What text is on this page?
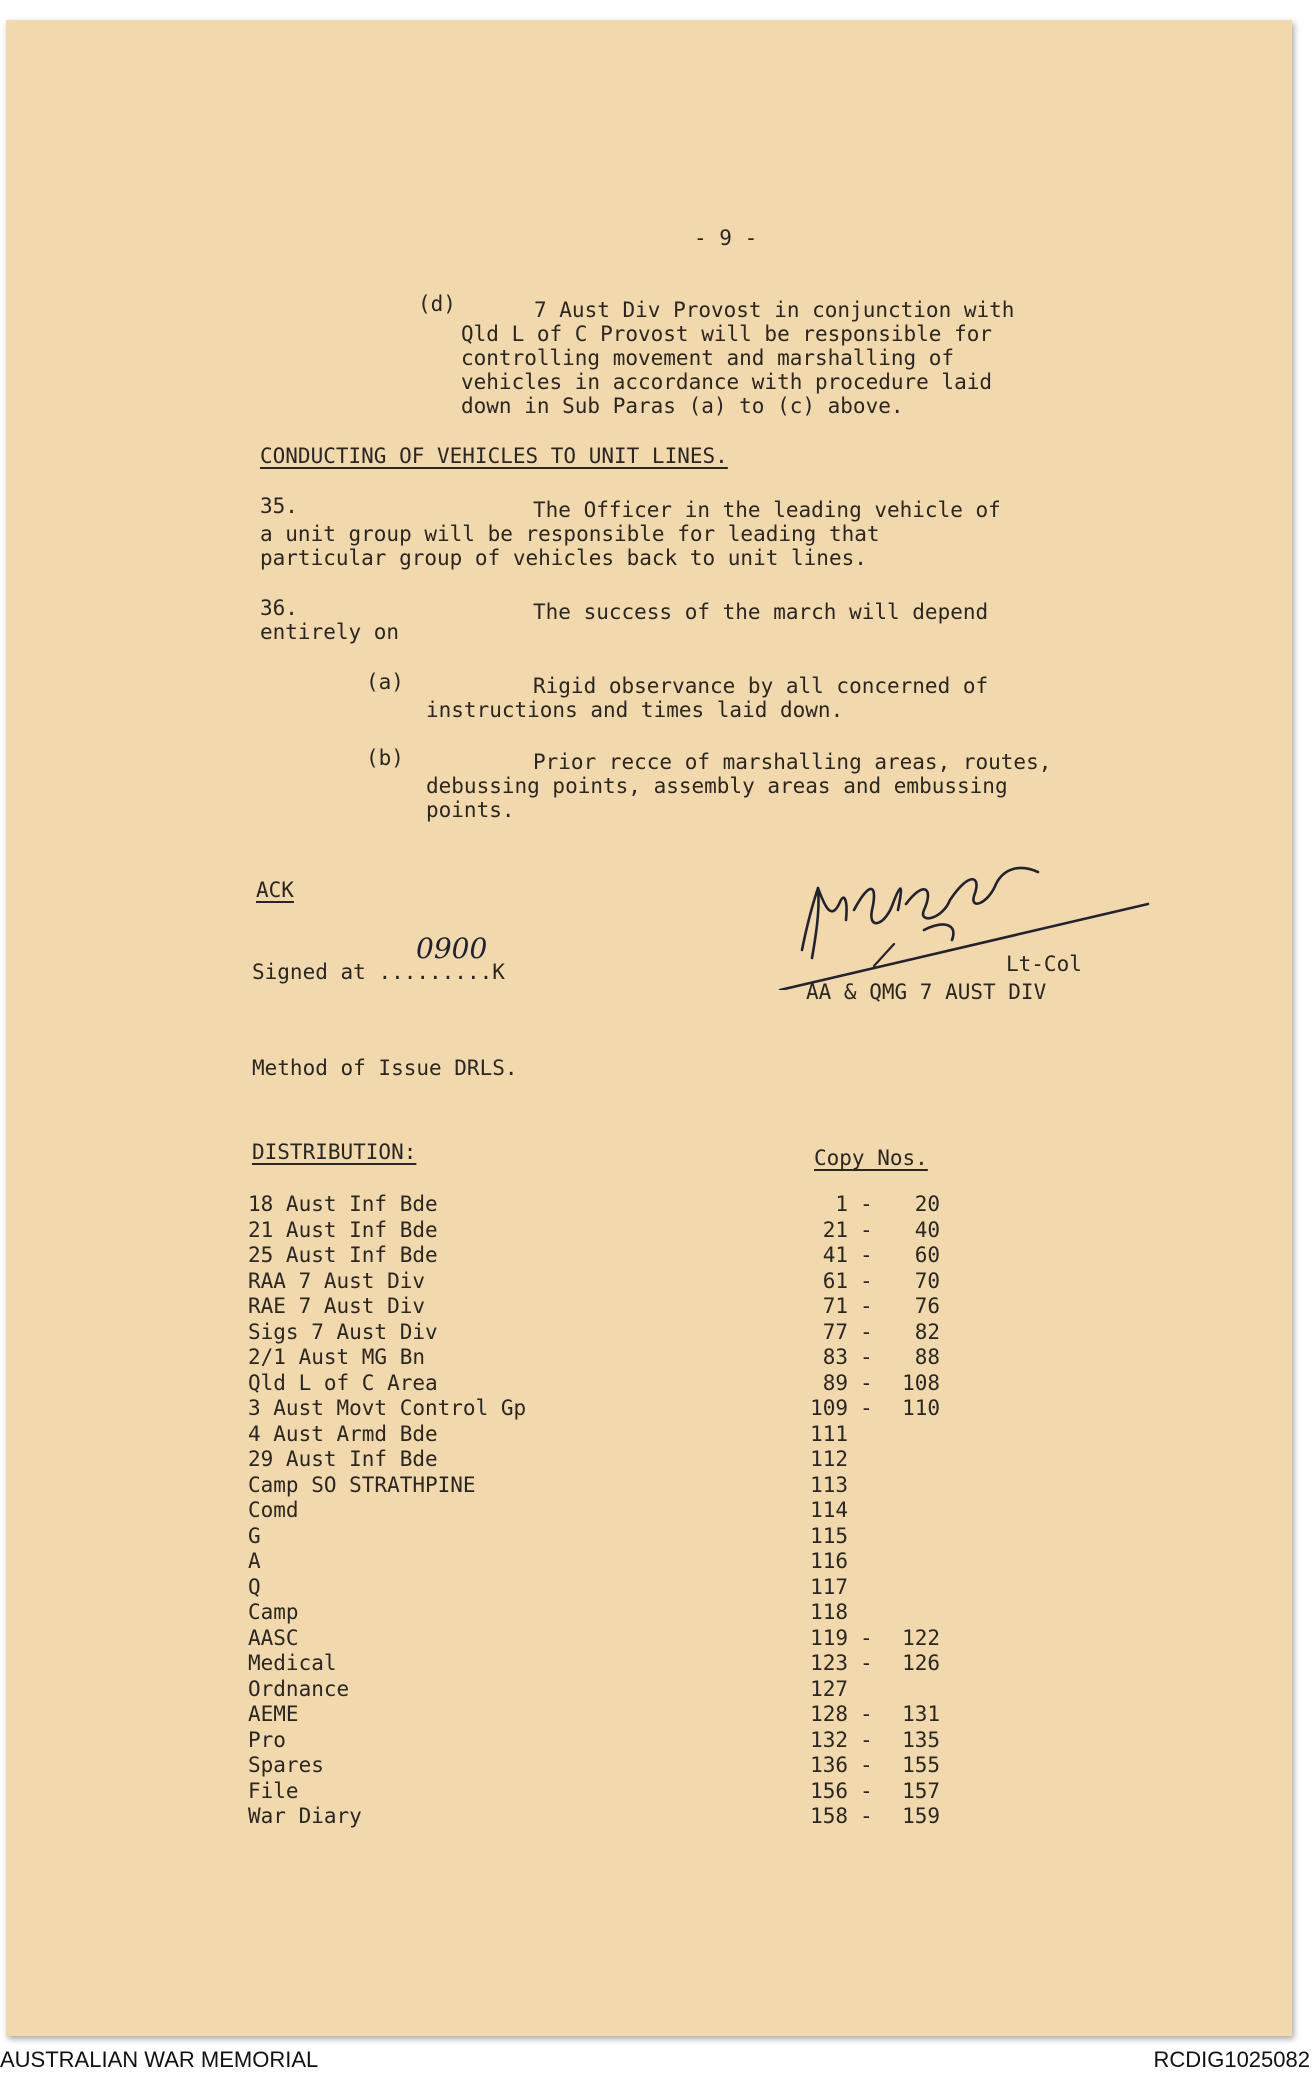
- 9 -

(d)	7 Aust Div Provost in conjunction with

Qld L of C Provost will be responsible for

controlling movement and marshalling of

vehicles in accordance with procedure laid

down in Sub Paras (a) to (c) above.

CONDUCTING OF VEHICLES TO UNIT LINES.

35.	The Officer in the leading vehicle of

a unit group will be responsible for leading that

particular group of vehicles back to unit lines.

36.	The success of the march will depend

entirely on

(a)	Rigid observance by all concerned of

instructions and times laid down.

(b)	Prior recce of marshalling areas, routes,

debussing points, assembly areas and embussing

points.

ACK

Signed at .........K

0900	Lt-Col

AA & QMG 7 AUST DIV

Method of Issue DRLS.

DISTRIBUTION:	Copy Nos.

18 Aust Inf Bde	1 -	20
21 Aust Inf Bde	21 -	40
25 Aust Inf Bde	41 -	60
RAA 7 Aust Div	61 -	70
RAE 7 Aust Div	71 -	76
Sigs 7 Aust Div	77 -	82
2/1 Aust MG Bn	83 -	88
Qld L of C Area	89 -	108
3 Aust Movt Control Gp	109 -	110
4 Aust Armd Bde	111
29 Aust Inf Bde	112
Camp SO STRATHPINE	113
Comd	114
G	115
A	116
Q	117
Camp	118
AASC	119 -	122
Medical	123 -	126
Ordnance	127
AEME	128 -	131
Pro	132 -	135
Spares	136 -	155
File	156 -	157
War Diary	158 -	159
AUSTRALIAN WAR MEMORIAL	RCDIG1025082
